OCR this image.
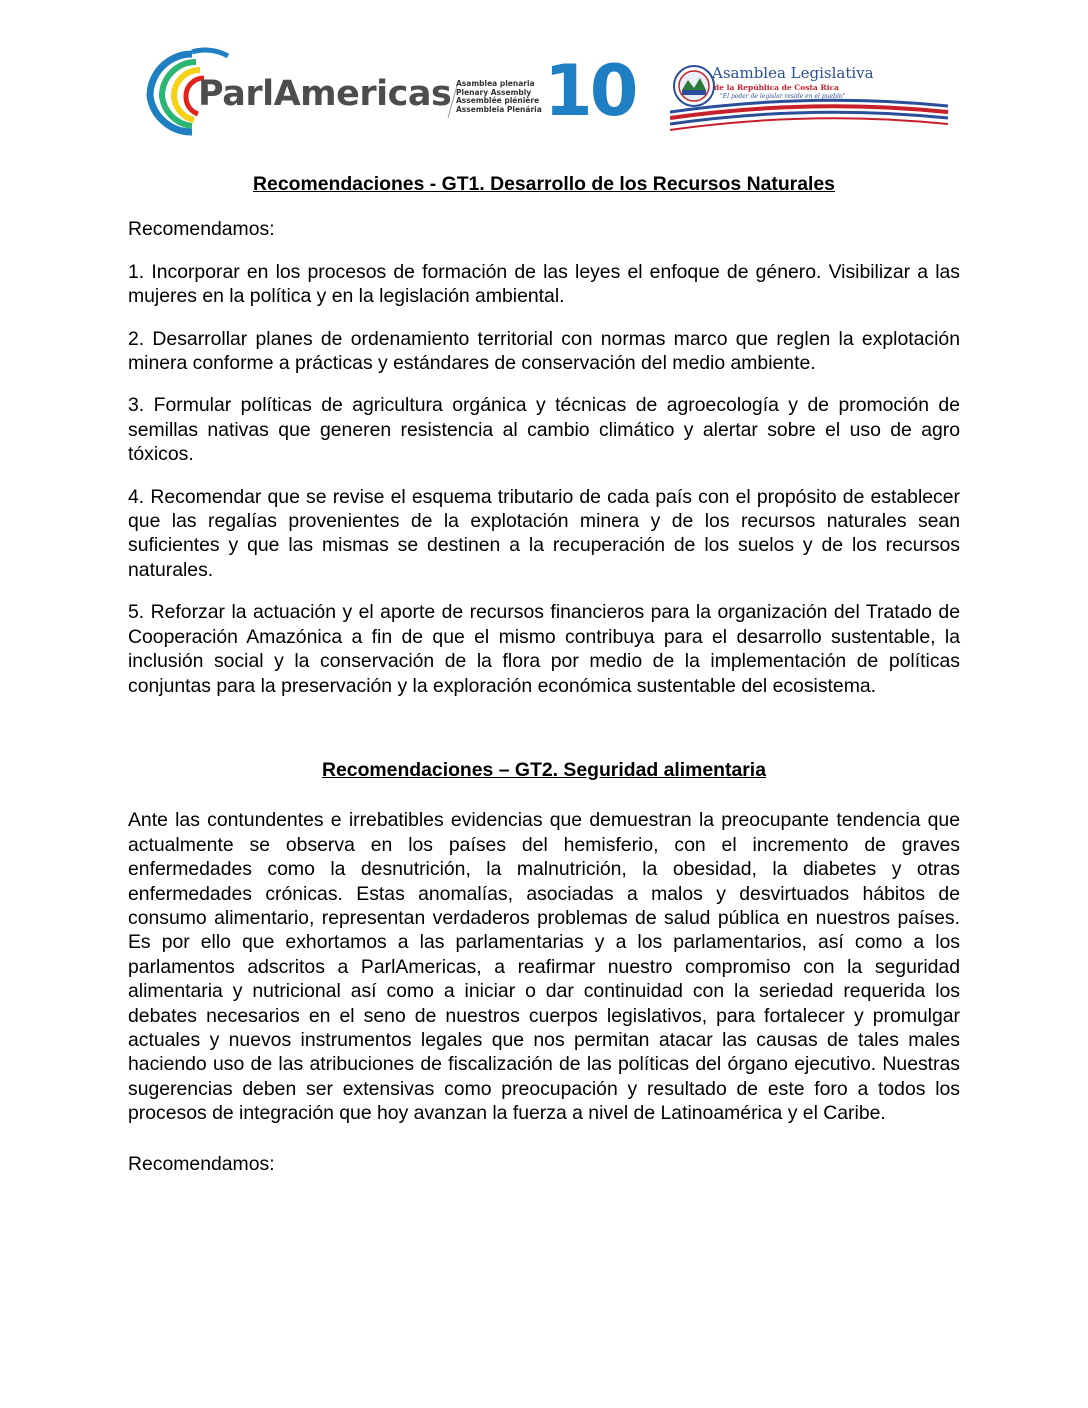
ParlAmericas Asamblea plenaria
Plenary Assembly
Assemblée plénière
Assembleia Plenária 10	Asamblea Legislativa
de la República de Costa Rica
"El poder de legislar reside en el pueblo"

Recomendaciones - GT1. Desarrollo de los Recursos Naturales

Recomendamos:

1. Incorporar en los procesos de formación de las leyes el enfoque de género. Visibilizar a las mujeres en la política y en la legislación ambiental.

2. Desarrollar planes de ordenamiento territorial con normas marco que reglen la explotación minera conforme a prácticas y estándares de conservación del medio ambiente.

3. Formular políticas de agricultura orgánica y técnicas de agroecología y de promoción de semillas nativas que generen resistencia al cambio climático y alertar sobre el uso de agro tóxicos.

4. Recomendar que se revise el esquema tributario de cada país con el propósito de establecer que las regalías provenientes de la explotación minera y de los recursos naturales sean suficientes y que las mismas se destinen a la recuperación de los suelos y de los recursos naturales.

5. Reforzar la actuación y el aporte de recursos financieros para la organización del Tratado de Cooperación Amazónica a fin de que el mismo contribuya para el desarrollo sustentable, la inclusión social y la conservación de la flora por medio de la implementación de políticas conjuntas para la preservación y la exploración económica sustentable del ecosistema.

Recomendaciones – GT2. Seguridad alimentaria

Ante las contundentes e irrebatibles evidencias que demuestran la preocupante tendencia que actualmente se observa en los países del hemisferio, con el incremento de graves enfermedades como la desnutrición, la malnutrición, la obesidad, la diabetes y otras enfermedades crónicas. Estas anomalías, asociadas a malos y desvirtuados hábitos de consumo alimentario, representan verdaderos problemas de salud pública en nuestros países. Es por ello que exhortamos a las parlamentarias y a los parlamentarios, así como a los parlamentos adscritos a ParlAmericas, a reafirmar nuestro compromiso con la seguridad alimentaria y nutricional así como a iniciar o dar continuidad con la seriedad requerida los debates necesarios en el seno de nuestros cuerpos legislativos, para fortalecer y promulgar actuales y nuevos instrumentos legales que nos permitan atacar las causas de tales males haciendo uso de las atribuciones de fiscalización de las políticas del órgano ejecutivo. Nuestras sugerencias deben ser extensivas como preocupación y resultado de este foro a todos los procesos de integración que hoy avanzan la fuerza a nivel de Latinoamérica y el Caribe.

Recomendamos:
